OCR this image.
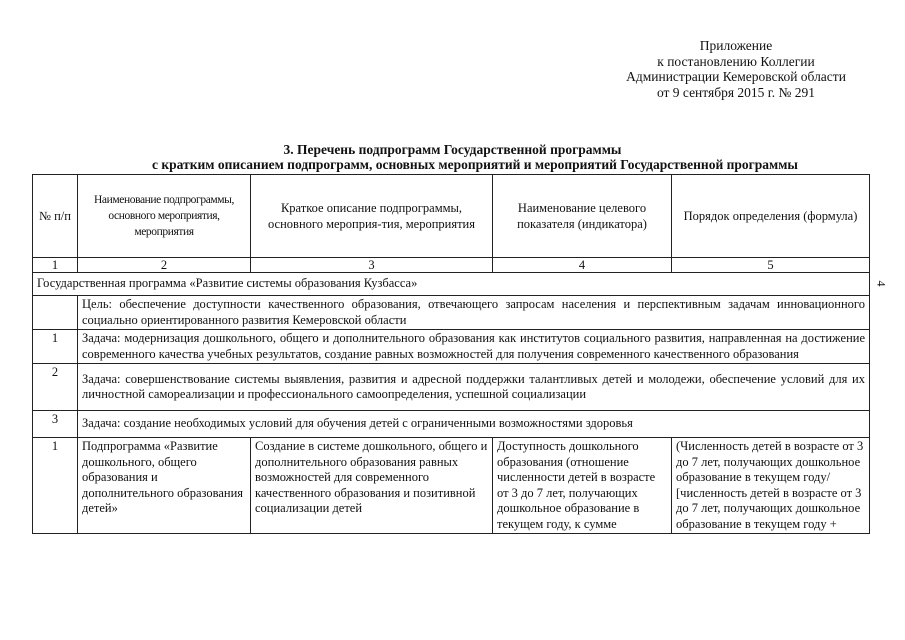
Приложение
к постановлению Коллегии
Администрации Кемеровской области
от 9 сентября 2015 г. № 291
3. Перечень подпрограмм Государственной программы

с кратким описанием подпрограмм, основных мероприятий и мероприятий Государственной программы
№ п/п	Наименование подпрограммы, основного мероприятия, мероприятия	Краткое описание подпрограммы, основного мероприя-тия, мероприятия	Наименование целевого показателя (индикатора)	Порядок определения (формула)
1	2	3	4	5
Государственная программа «Развитие системы образования Кузбасса»				
	Цель: обеспечение доступности качественного образования, отвечающего запросам населения и перспективным задачам инновационного социально ориентированного развития Кемеровской области			
1	Задача: модернизация дошкольного, общего и дополнительного образования как институтов социального развития, направленная на достижение современного качества учебных результатов, создание равных возможностей для получения современного качественного образования			
2	Задача: совершенствование системы выявления, развития и адресной поддержки талантливых детей и молодежи, обеспечение условий для их личностной самореализации и профессионального самоопределения, успешной социализации			
3	Задача: создание необходимых условий для обучения детей с ограниченными возможностями здоровья			
1	Подпрограмма «Развитие дошкольного, общего образования и дополнительного образования детей»	Создание в системе дошкольного, общего и дополнительного образования равных возможностей для современного качественного образования и позитивной социализации детей	Доступность дошкольного образования (отношение численности детей в возрасте от 3 до 7 лет, получающих дошкольное образование в текущем году, к сумме	(Численность детей в возрасте от 3 до 7 лет, получающих дошкольное образование в текущем году/ [численность детей в возрасте от 3 до 7 лет, получающих дошкольное образование в текущем году +
4
